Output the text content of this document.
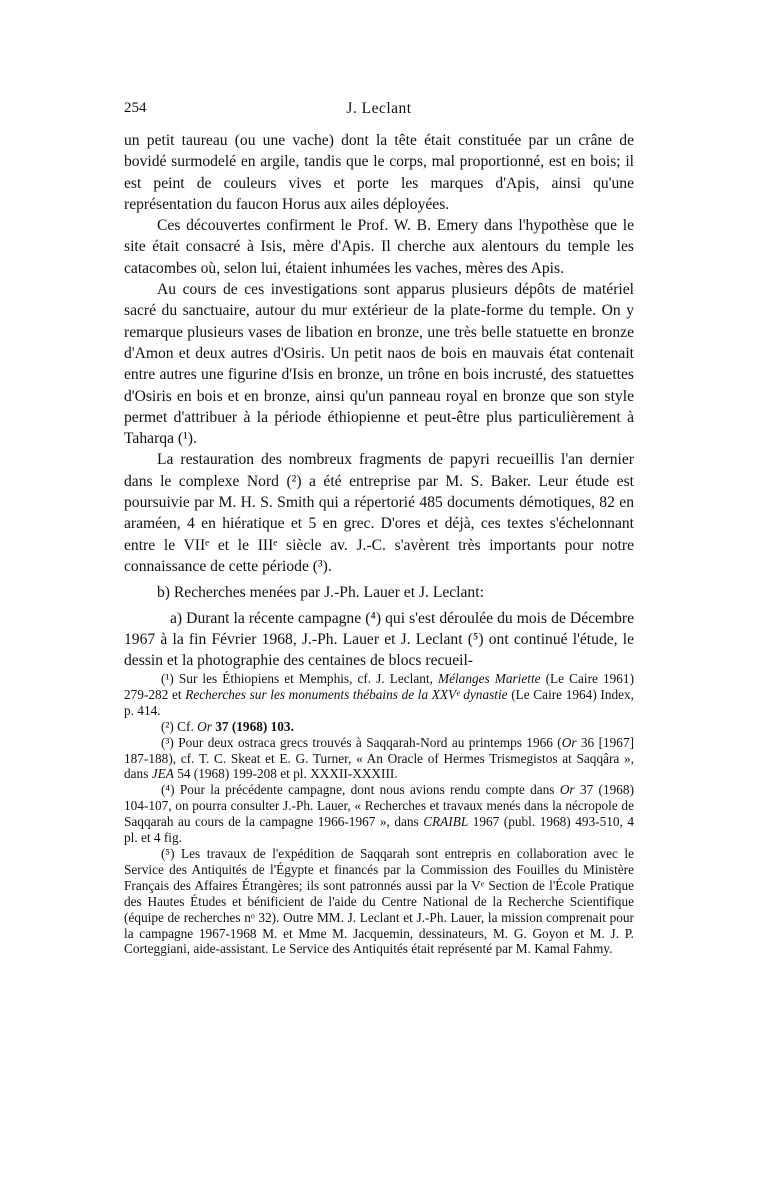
254	J. Leclant

un petit taureau (ou une vache) dont la tête était constituée par un crâne de bovidé surmodelé en argile, tandis que le corps, mal proportionné, est en bois; il est peint de couleurs vives et porte les marques d'Apis, ainsi qu'une représentation du faucon Horus aux ailes déployées.

Ces découvertes confirment le Prof. W. B. Emery dans l'hypothèse que le site était consacré à Isis, mère d'Apis. Il cherche aux alentours du temple les catacombes où, selon lui, étaient inhumées les vaches, mères des Apis.

Au cours de ces investigations sont apparus plusieurs dépôts de matériel sacré du sanctuaire, autour du mur extérieur de la plate-forme du temple. On y remarque plusieurs vases de libation en bronze, une très belle statuette en bronze d'Amon et deux autres d'Osiris. Un petit naos de bois en mauvais état contenait entre autres une figurine d'Isis en bronze, un trône en bois incrusté, des statuettes d'Osiris en bois et en bronze, ainsi qu'un panneau royal en bronze que son style permet d'attribuer à la période éthiopienne et peut-être plus particulièrement à Taharqa (¹).

La restauration des nombreux fragments de papyri recueillis l'an dernier dans le complexe Nord (²) a été entreprise par M. S. Baker. Leur étude est poursuivie par M. H. S. Smith qui a répertorié 485 documents démotiques, 82 en araméen, 4 en hiératique et 5 en grec. D'ores et déjà, ces textes s'échelonnant entre le VIIᵉ et le IIIᵉ siècle av. J.-C. s'avèrent très importants pour notre connaissance de cette période (³).

b) Recherches menées par J.-Ph. Lauer et J. Leclant:

a) Durant la récente campagne (⁴) qui s'est déroulée du mois de Décembre 1967 à la fin Février 1968, J.-Ph. Lauer et J. Leclant (⁵) ont continué l'étude, le dessin et la photographie des centaines de blocs recueil-

(¹) Sur les Éthiopiens et Memphis, cf. J. Leclant, Mélanges Mariette (Le Caire 1961) 279-282 et Recherches sur les monuments thébains de la XXVᵉ dynastie (Le Caire 1964) Index, p. 414.

(²) Cf. Or 37 (1968) 103.

(³) Pour deux ostraca grecs trouvés à Saqqarah-Nord au printemps 1966 (Or 36 [1967] 187-188), cf. T. C. Skeat et E. G. Turner, « An Oracle of Hermes Trismegistos at Saqqâra », dans JEA 54 (1968) 199-208 et pl. XXXII-XXXIII.

(⁴) Pour la précédente campagne, dont nous avions rendu compte dans Or 37 (1968) 104-107, on pourra consulter J.-Ph. Lauer, « Recherches et travaux menés dans la nécropole de Saqqarah au cours de la campagne 1966-1967 », dans CRAIBL 1967 (publ. 1968) 493-510, 4 pl. et 4 fig.

(⁵) Les travaux de l'expédition de Saqqarah sont entrepris en collaboration avec le Service des Antiquités de l'Égypte et financés par la Commission des Fouilles du Ministère Français des Affaires Étrangères; ils sont patronnés aussi par la Vᵉ Section de l'École Pratique des Hautes Études et bénificient de l'aide du Centre National de la Recherche Scientifique (équipe de recherches nᵒ 32). Outre MM. J. Leclant et J.-Ph. Lauer, la mission comprenait pour la campagne 1967-1968 M. et Mme M. Jacquemin, dessinateurs, M. G. Goyon et M. J. P. Corteggiani, aide-assistant. Le Service des Antiquités était représenté par M. Kamal Fahmy.
